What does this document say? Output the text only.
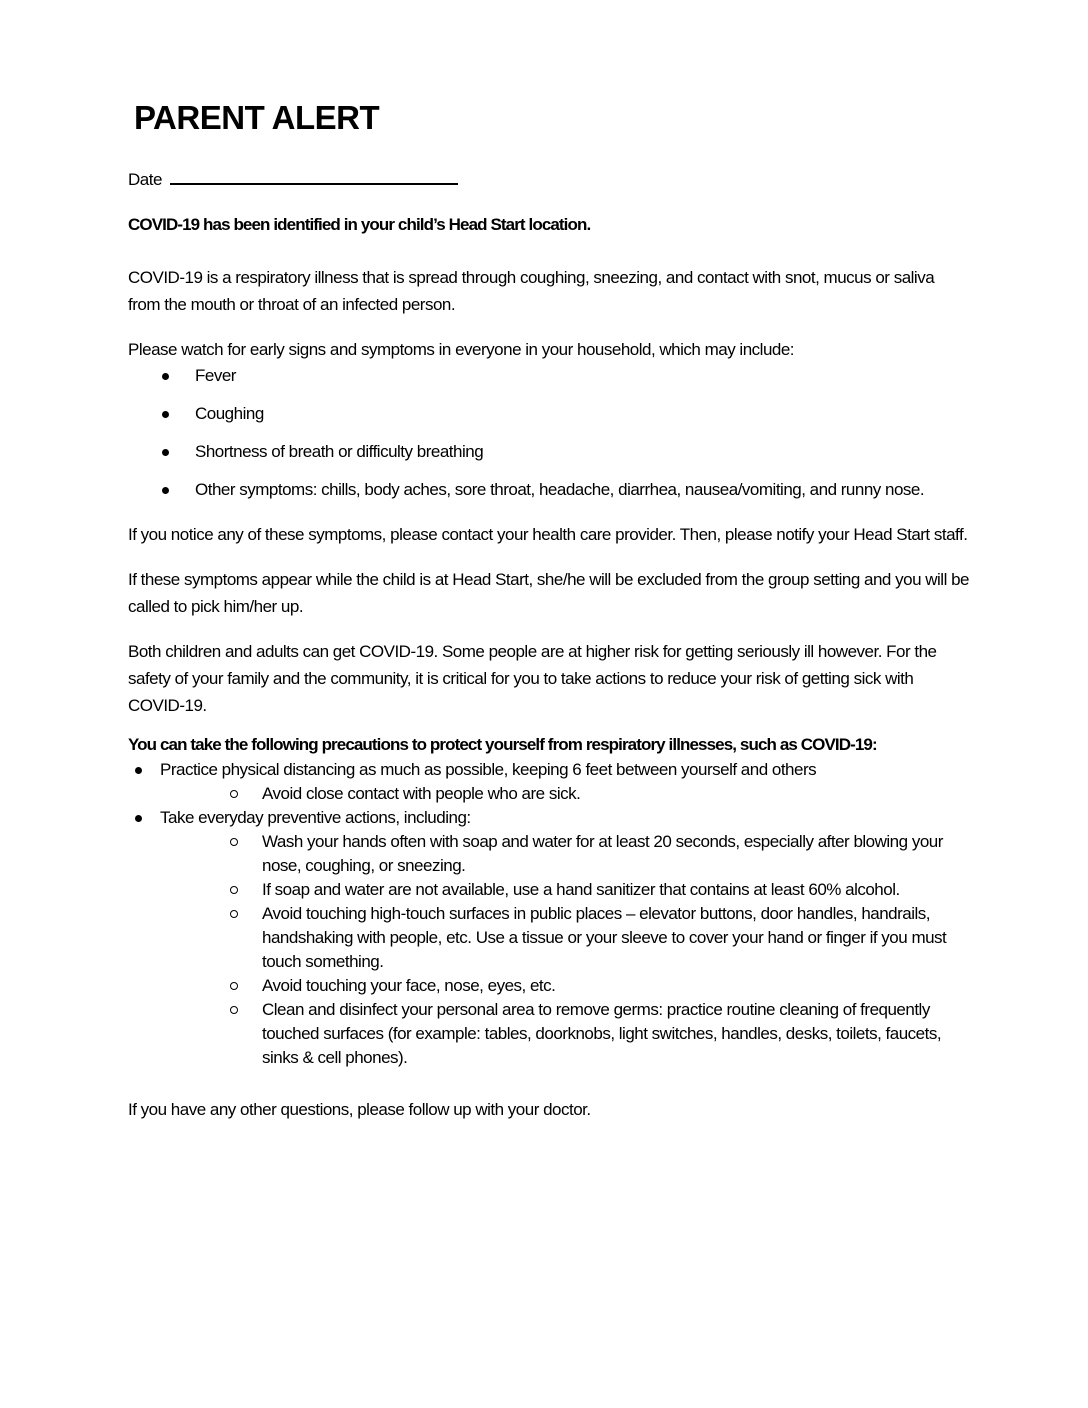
PARENT ALERT
Date

COVID-19 has been identified in your child’s Head Start location.

COVID-19 is a respiratory illness that is spread through coughing, sneezing, and contact with snot, mucus or saliva from the mouth or throat of an infected person.

Please watch for early signs and symptoms in everyone in your household, which may include:

Fever
Coughing
Shortness of breath or difficulty breathing
Other symptoms: chills, body aches, sore throat, headache, diarrhea, nausea/vomiting, and runny nose.

If you notice any of these symptoms, please contact your health care provider. Then, please notify your Head Start staff.

If these symptoms appear while the child is at Head Start, she/he will be excluded from the group setting and you will be called to pick him/her up.

Both children and adults can get COVID-19. Some people are at higher risk for getting seriously ill however. For the safety of your family and the community, it is critical for you to take actions to reduce your risk of getting sick with COVID-19.

You can take the following precautions to protect yourself from respiratory illnesses, such as COVID-19:

Practice physical distancing as much as possible, keeping 6 feet between yourself and others
Avoid close contact with people who are sick.
Take everyday preventive actions, including:
Wash your hands often with soap and water for at least 20 seconds, especially after blowing your nose, coughing, or sneezing.
If soap and water are not available, use a hand sanitizer that contains at least 60% alcohol.
Avoid touching high-touch surfaces in public places – elevator buttons, door handles, handrails, handshaking with people, etc. Use a tissue or your sleeve to cover your hand or finger if you must touch something.
Avoid touching your face, nose, eyes, etc.
Clean and disinfect your personal area to remove germs: practice routine cleaning of frequently touched surfaces (for example: tables, doorknobs, light switches, handles, desks, toilets, faucets, sinks & cell phones).

If you have any other questions, please follow up with your doctor.
